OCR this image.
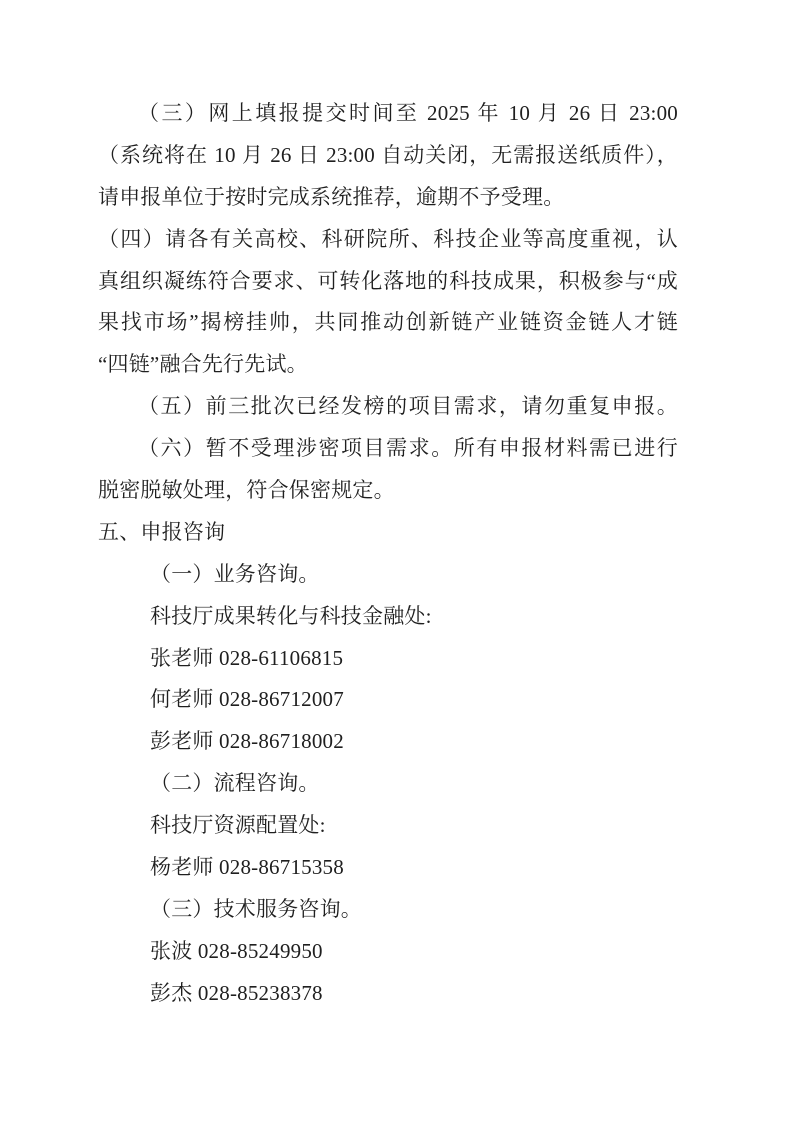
（三）网上填报提交时间至 2025 年 10 月 26 日 23:00
（系统将在 10 月 26 日 23:00 自动关闭，无需报送纸质件），
请申报单位于按时完成系统推荐，逾期不予受理。
（四）请各有关高校、科研院所、科技企业等高度重视，认
真组织凝练符合要求、可转化落地的科技成果，积极参与“成
果找市场”揭榜挂帅，共同推动创新链产业链资金链人才链
“四链”融合先行先试。
（五）前三批次已经发榜的项目需求，请勿重复申报。
（六）暂不受理涉密项目需求。所有申报材料需已进行
脱密脱敏处理，符合保密规定。
五、申报咨询
（一）业务咨询。
科技厅成果转化与科技金融处:
张老师 028-61106815
何老师 028-86712007
彭老师 028-86718002
（二）流程咨询。
科技厅资源配置处:
杨老师 028-86715358
（三）技术服务咨询。
张波 028-85249950
彭杰 028-85238378
